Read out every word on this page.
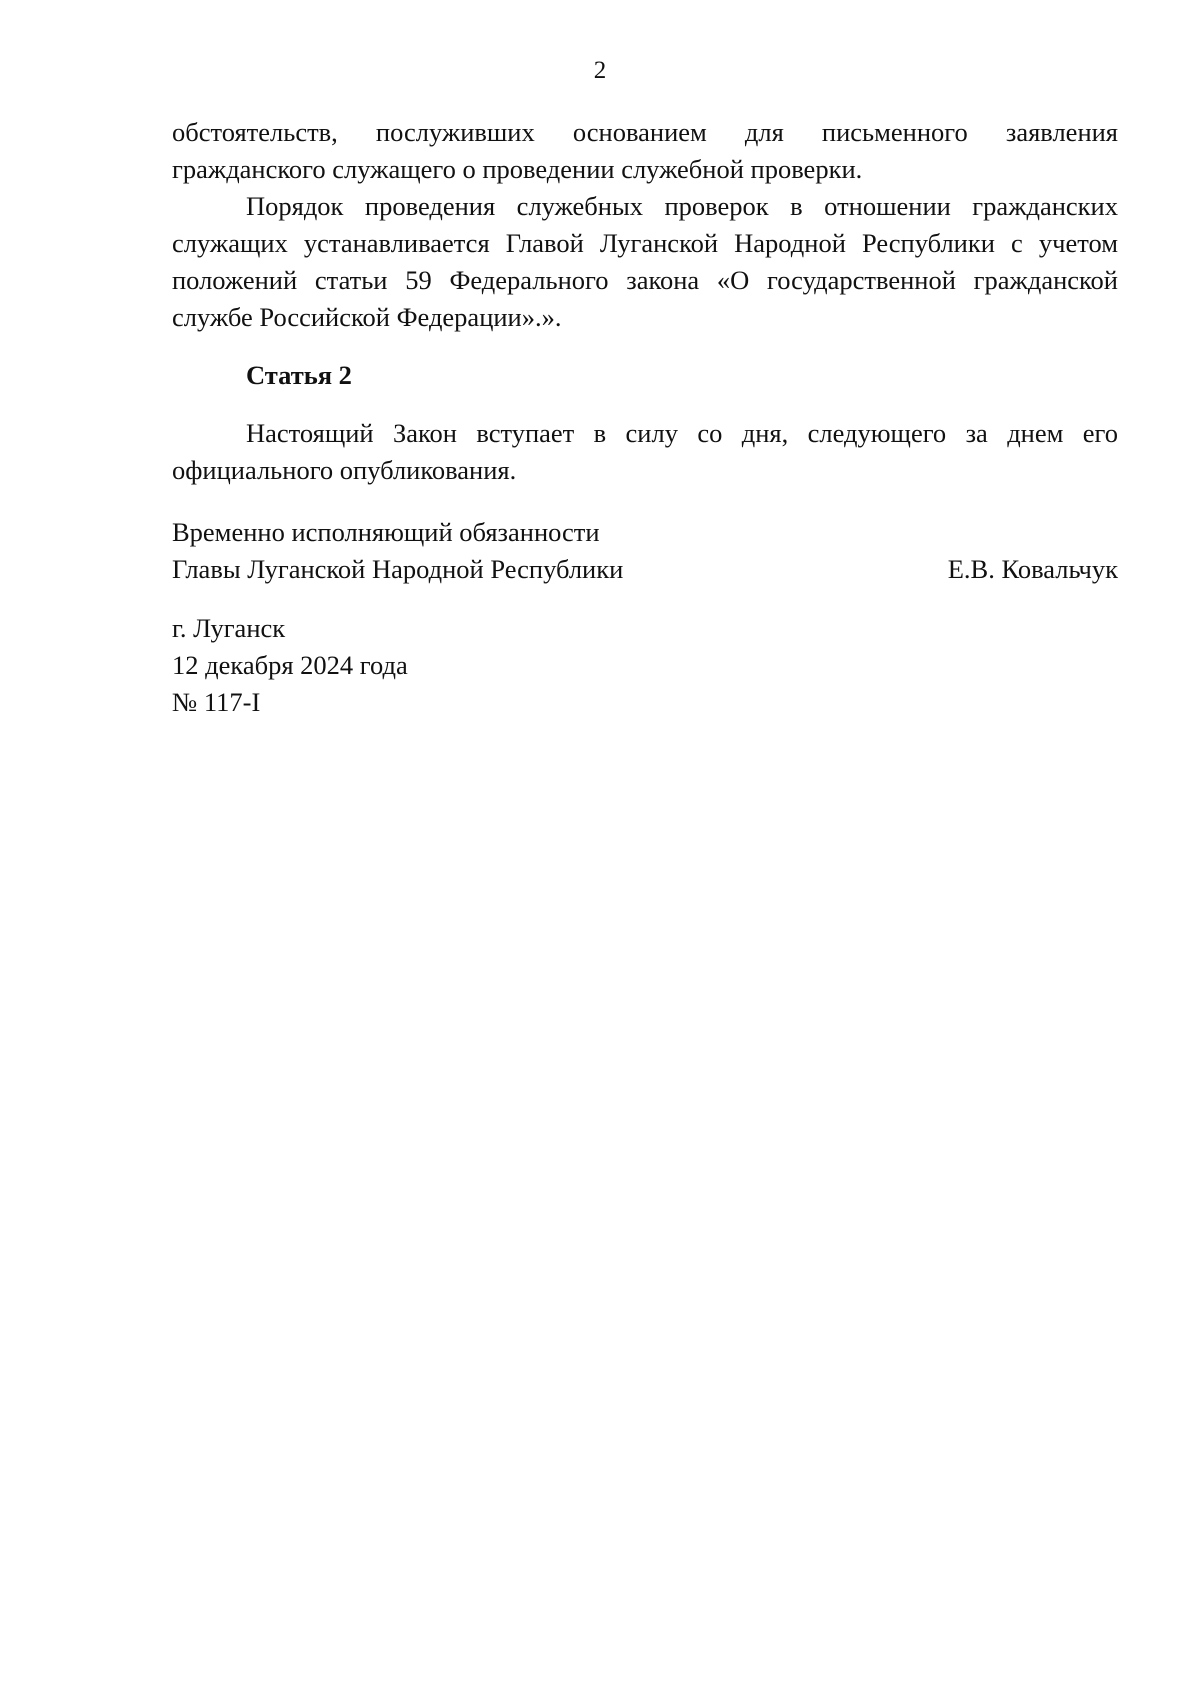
2

обстоятельств, послуживших основанием для письменного заявления гражданского служащего о проведении служебной проверки.

Порядок проведения служебных проверок в отношении гражданских служащих устанавливается Главой Луганской Народной Республики с учетом положений статьи 59 Федерального закона «О государственной гражданской службе Российской Федерации».».

Статья 2

Настоящий Закон вступает в силу со дня, следующего за днем его официального опубликования.

Временно исполняющий обязанности
Главы Луганской Народной Республики	Е.В. Ковальчук
г. Луганск
12 декабря 2024 года
№ 117-I
